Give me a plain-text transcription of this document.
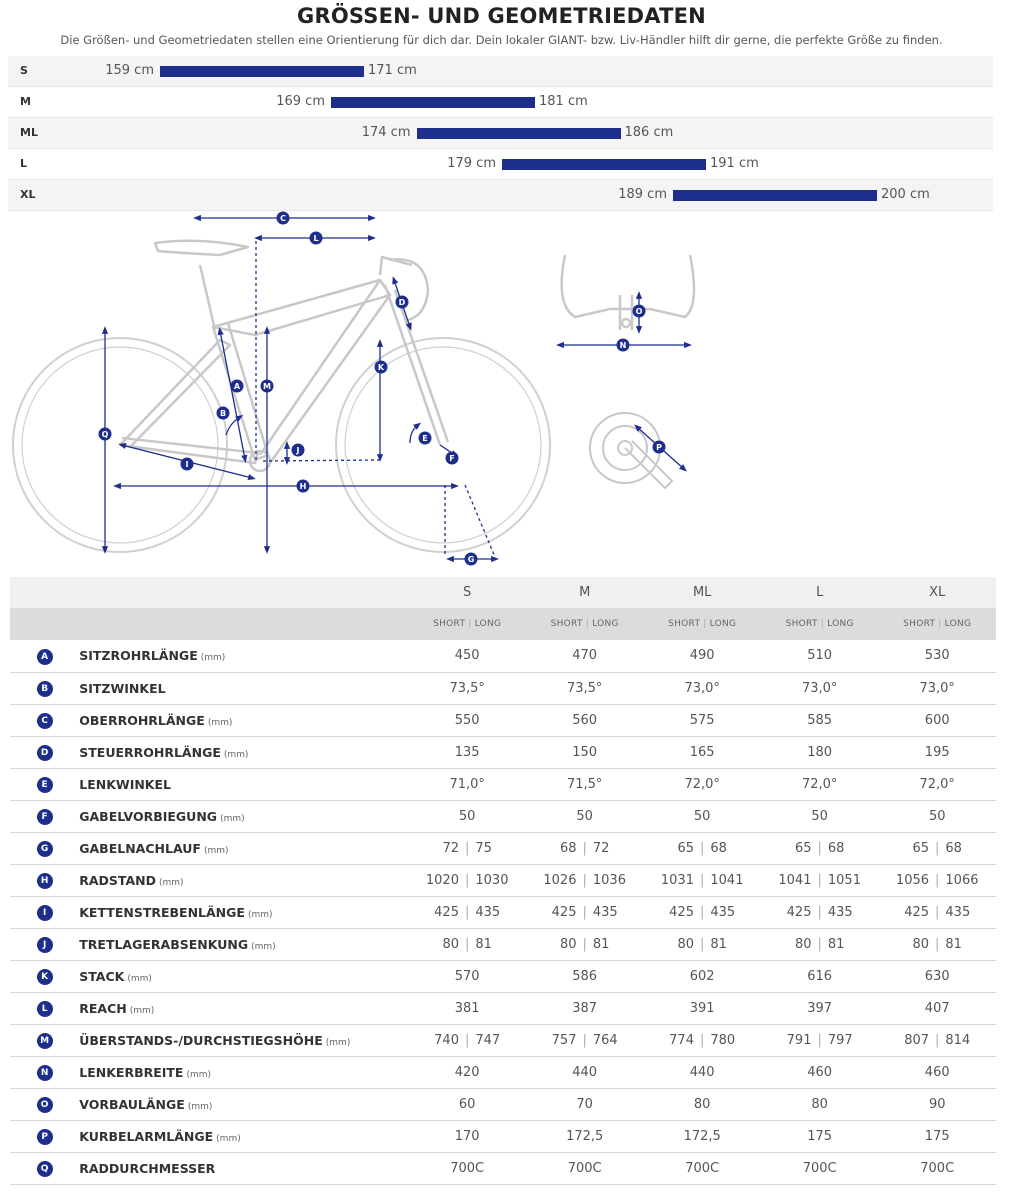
GRÖSSEN- UND GEOMETRIEDATEN
Die Größen- und Geometriedaten stellen eine Orientierung für dich dar. Dein lokaler GIANT- bzw. Liv-Händler hilft dir gerne, die perfekte Größe zu finden.
S	159 cm	171 cm
M	169 cm	181 cm
ML	174 cm	186 cm
L	179 cm	191 cm
XL	189 cm	200 cm
A
B
C
D
E
F
G
H
I
J
K
L
M
N
O
P
Q
		S	M	ML	L	XL
		SHORT | LONG	SHORT | LONG	SHORT | LONG	SHORT | LONG	SHORT | LONG
A	SITZROHRLÄNGE (mm)	450	470	490	510	530
B	SITZWINKEL	73,5°	73,5°	73,0°	73,0°	73,0°
C	OBERROHRLÄNGE (mm)	550	560	575	585	600
D	STEUERROHRLÄNGE (mm)	135	150	165	180	195
E	LENKWINKEL	71,0°	71,5°	72,0°	72,0°	72,0°
F	GABELVORBIEGUNG (mm)	50	50	50	50	50
G	GABELNACHLAUF (mm)	72 | 75	68 | 72	65 | 68	65 | 68	65 | 68
H	RADSTAND (mm)	1020 | 1030	1026 | 1036	1031 | 1041	1041 | 1051	1056 | 1066
I	KETTENSTREBENLÄNGE (mm)	425 | 435	425 | 435	425 | 435	425 | 435	425 | 435
J	TRETLAGERABSENKUNG (mm)	80 | 81	80 | 81	80 | 81	80 | 81	80 | 81
K	STACK (mm)	570	586	602	616	630
L	REACH (mm)	381	387	391	397	407
M	ÜBERSTANDS-/DURCHSTIEGSHÖHE (mm)	740 | 747	757 | 764	774 | 780	791 | 797	807 | 814
N	LENKERBREITE (mm)	420	440	440	460	460
O	VORBAULÄNGE (mm)	60	70	80	80	90
P	KURBELARMLÄNGE (mm)	170	172,5	172,5	175	175
Q	RADDURCHMESSER	700C	700C	700C	700C	700C
